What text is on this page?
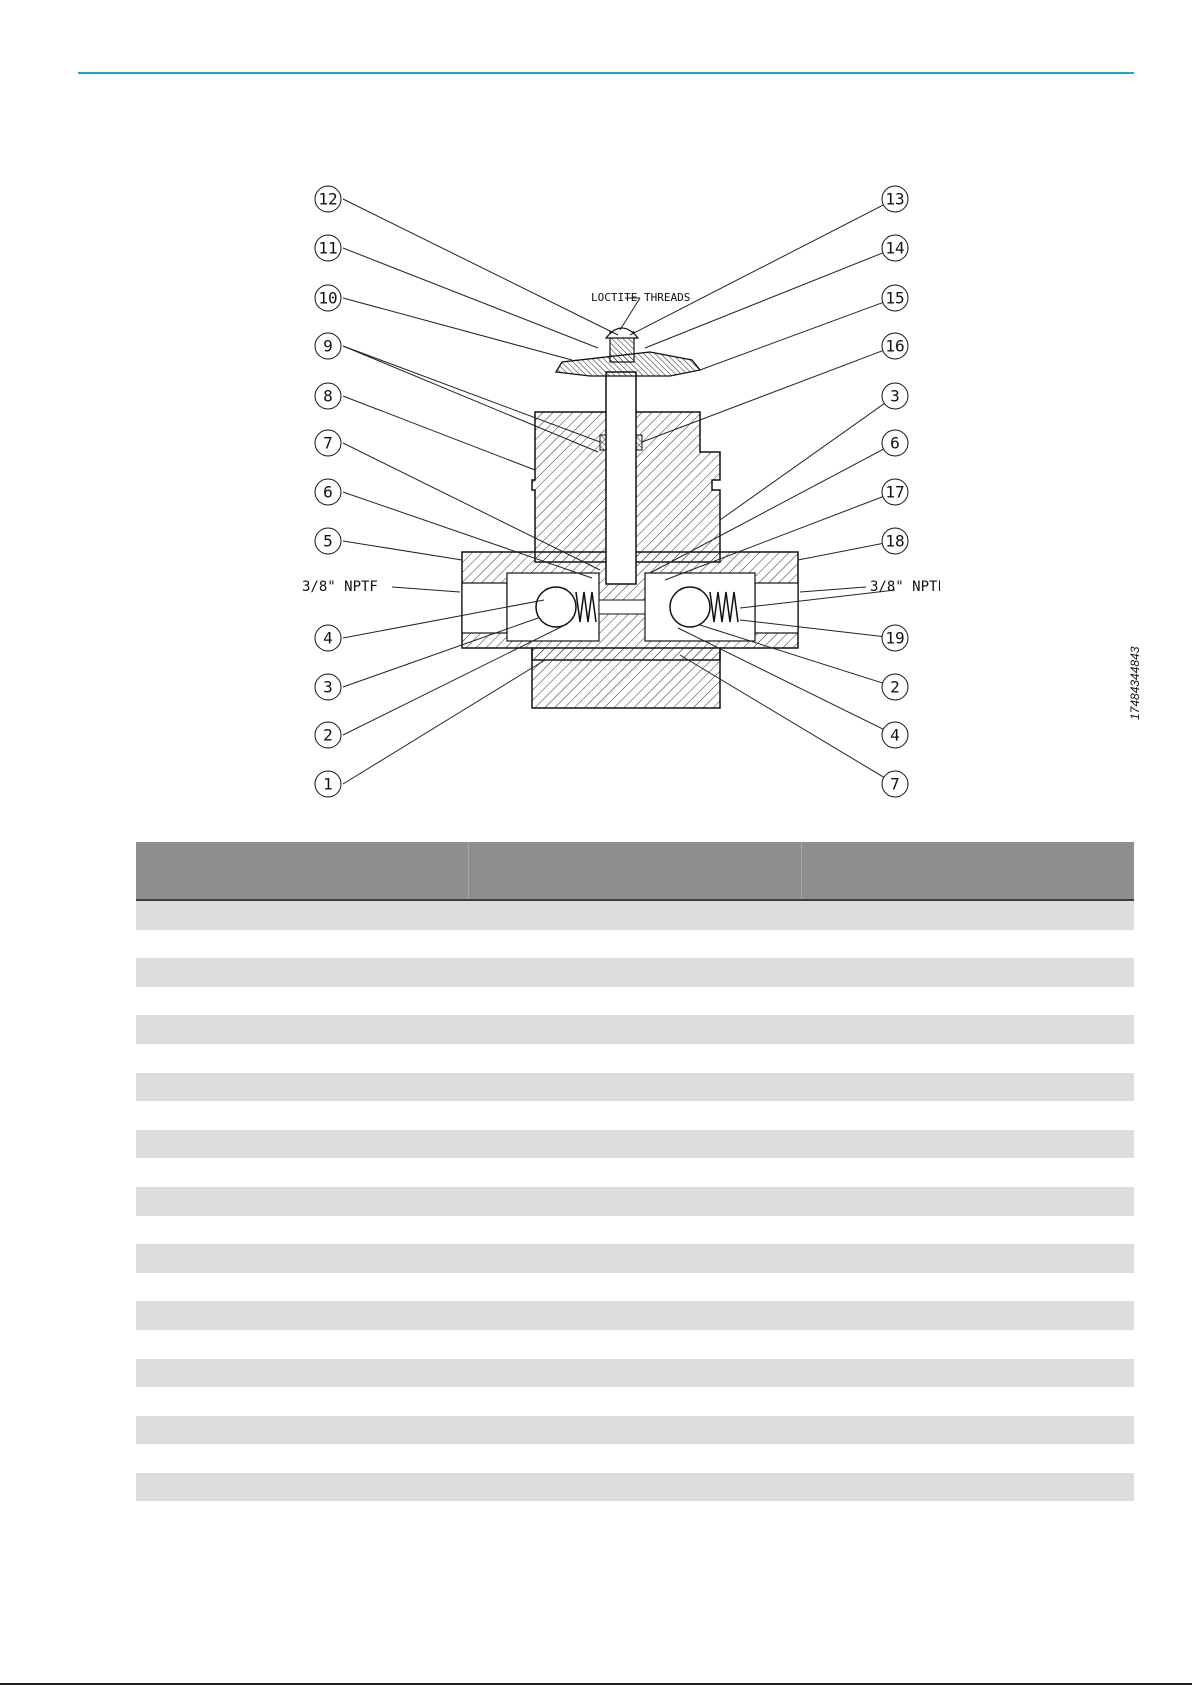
LOCTITE THREADS
3/8" NPTF	3/8" NPTF
12
11
10
9
8
7
6
5
4
3
2
1
13
14
15
16
3
6
17
18
19
2
4
7
17484344843
